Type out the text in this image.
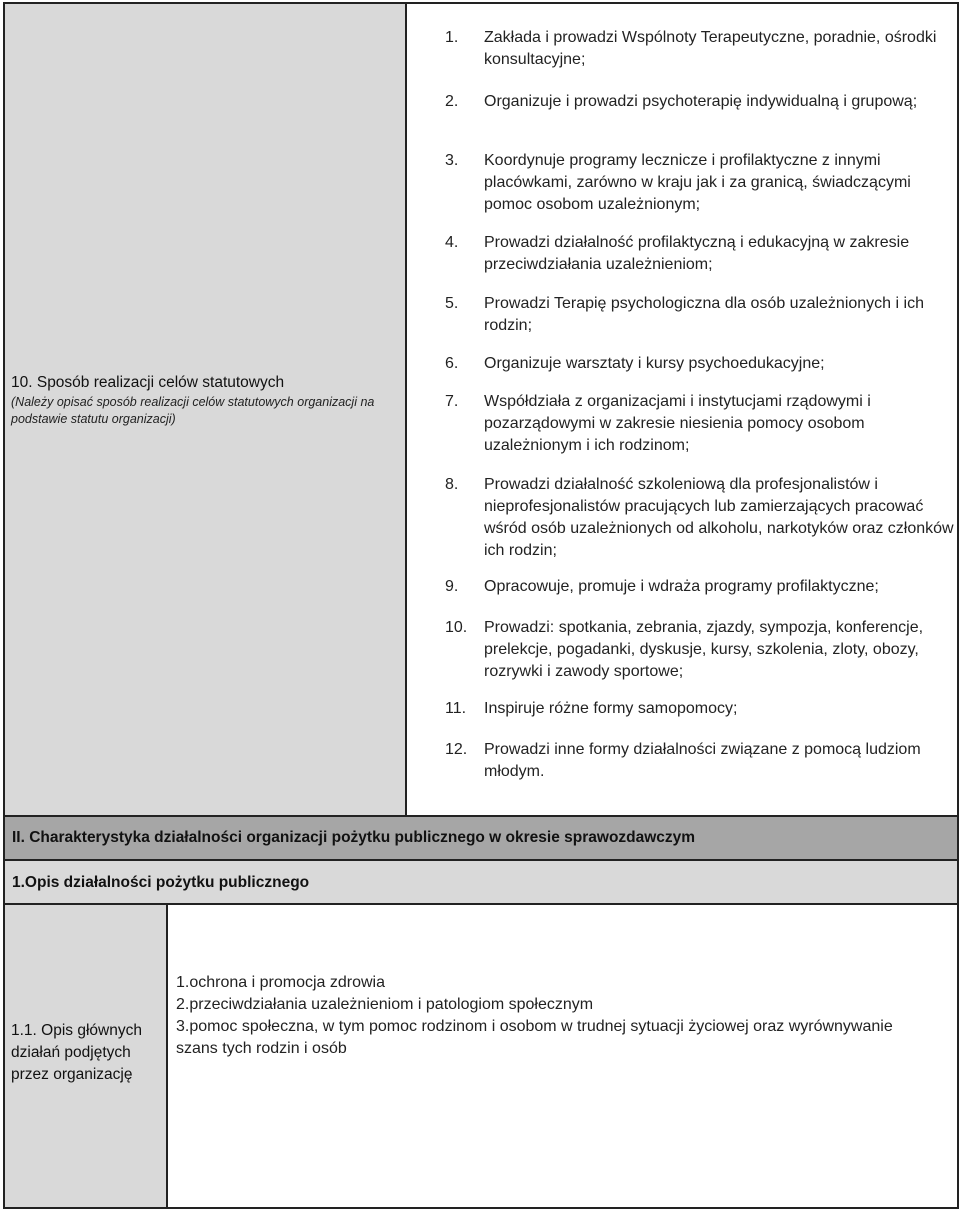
10. Sposób realizacji celów statutowych
(Należy opisać sposób realizacji celów statutowych organizacji na podstawie statutu organizacji)
1.	Zakłada i prowadzi Wspólnoty Terapeutyczne, poradnie, ośrodki konsultacyjne;
2.	Organizuje i prowadzi psychoterapię indywidualną i grupową;
3.	Koordynuje programy lecznicze i profilaktyczne z innymi placówkami, zarówno w kraju jak i za granicą, świadczącymi pomoc osobom uzależnionym;
4.	Prowadzi działalność profilaktyczną i edukacyjną w zakresie przeciwdziałania uzależnieniom;
5.	Prowadzi Terapię psychologiczna dla osób uzależnionych i ich rodzin;
6.	Organizuje warsztaty i kursy psychoedukacyjne;
7.	Współdziała z organizacjami i instytucjami rządowymi i pozarządowymi w zakresie niesienia pomocy osobom uzależnionym i ich rodzinom;
8.	Prowadzi działalność szkoleniową dla profesjonalistów i nieprofesjonalistów pracujących lub zamierzających pracować wśród osób uzależnionych od alkoholu, narkotyków oraz członków ich rodzin;
9.	Opracowuje, promuje i wdraża programy profilaktyczne;
10.	Prowadzi: spotkania, zebrania, zjazdy, sympozja, konferencje, prelekcje, pogadanki, dyskusje, kursy, szkolenia, zloty, obozy, rozrywki i zawody sportowe;
11.	Inspiruje różne formy samopomocy;
12.	Prowadzi inne formy działalności związane z pomocą ludziom młodym.
II. Charakterystyka działalności organizacji pożytku publicznego w okresie sprawozdawczym
1.Opis działalności pożytku publicznego
1.1. Opis głównych działań podjętych przez organizację
1.ochrona i promocja zdrowia
2.przeciwdziałania uzależnieniom i patologiom społecznym
3.pomoc społeczna, w tym pomoc rodzinom i osobom w trudnej sytuacji życiowej oraz wyrównywanie szans tych rodzin i osób
